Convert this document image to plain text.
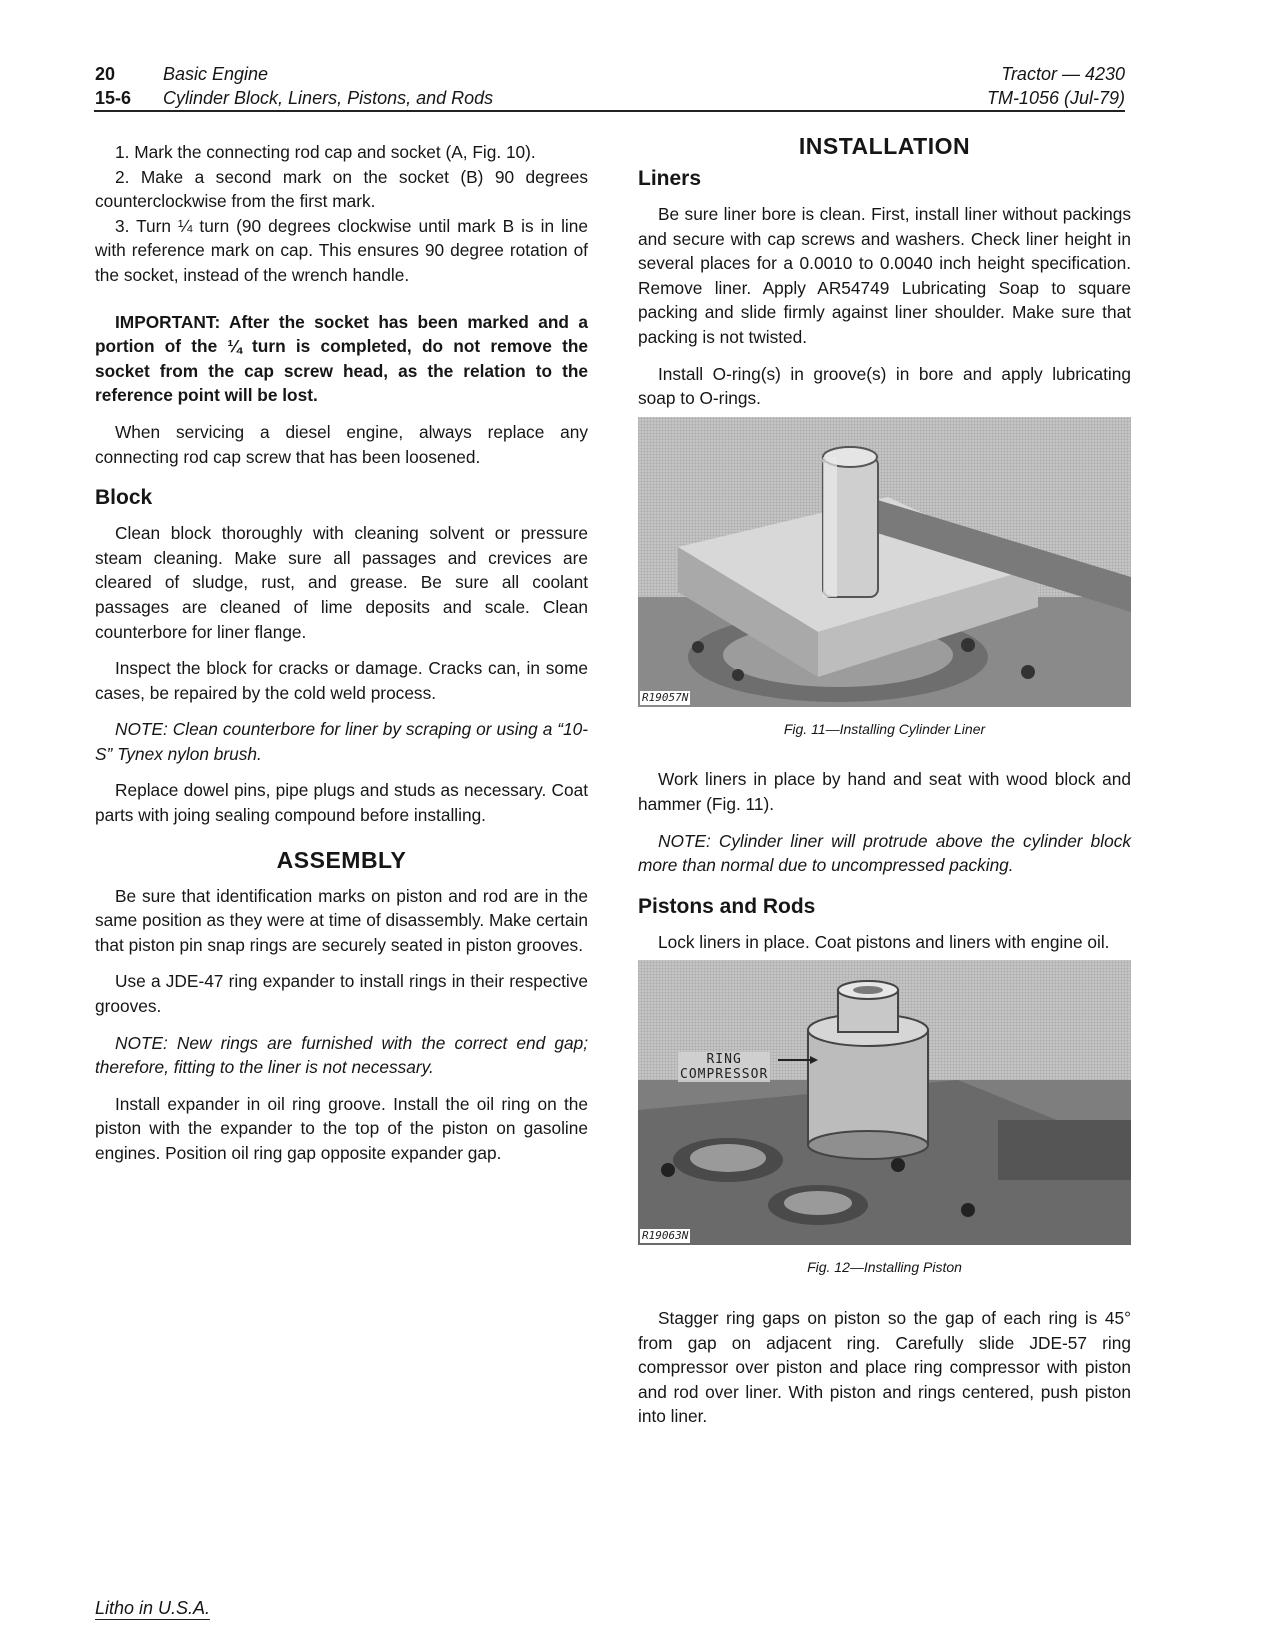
20	Basic Engine
15-6 Cylinder Block, Liners, Pistons, and Rods
Tractor — 4230
TM-1056 (Jul-79)

1. Mark the connecting rod cap and socket (A, Fig. 10).

2. Make a second mark on the socket (B) 90 degrees counterclockwise from the first mark.

3. Turn ¼ turn (90 degrees clockwise until mark B is in line with reference mark on cap. This ensures 90 degree rotation of the socket, instead of the wrench handle.

IMPORTANT: After the socket has been marked and a portion of the ¼ turn is completed, do not remove the socket from the cap screw head, as the relation to the reference point will be lost.

When servicing a diesel engine, always replace any connecting rod cap screw that has been loosened.

Block

Clean block thoroughly with cleaning solvent or pressure steam cleaning. Make sure all passages and crevices are cleared of sludge, rust, and grease. Be sure all coolant passages are cleaned of lime deposits and scale. Clean counterbore for liner flange.

Inspect the block for cracks or damage. Cracks can, in some cases, be repaired by the cold weld process.

NOTE: Clean counterbore for liner by scraping or using a “10-S” Tynex nylon brush.

Replace dowel pins, pipe plugs and studs as necessary. Coat parts with joing sealing compound before installing.

ASSEMBLY

Be sure that identification marks on piston and rod are in the same position as they were at time of disassembly. Make certain that piston pin snap rings are securely seated in piston grooves.

Use a JDE-47 ring expander to install rings in their respective grooves.

NOTE: New rings are furnished with the correct end gap; therefore, fitting to the liner is not necessary.

Install expander in oil ring groove. Install the oil ring on the piston with the expander to the top of the piston on gasoline engines. Position oil ring gap opposite expander gap.

INSTALLATION
Liners

Be sure liner bore is clean. First, install liner without packings and secure with cap screws and washers. Check liner height in several places for a 0.0010 to 0.0040 inch height specification. Remove liner. Apply AR54749 Lubricating Soap to square packing and slide firmly against liner shoulder. Make sure that packing is not twisted.

Install O-ring(s) in groove(s) in bore and apply lubricating soap to O-rings.

R19057N
Fig. 11—Installing Cylinder Liner

Work liners in place by hand and seat with wood block and hammer (Fig. 11).

NOTE: Cylinder liner will protrude above the cylinder block more than normal due to uncompressed packing.

Pistons and Rods

Lock liners in place. Coat pistons and liners with engine oil.

RING
COMPRESSOR
R19063N
Fig. 12—Installing Piston

Stagger ring gaps on piston so the gap of each ring is 45° from gap on adjacent ring. Carefully slide JDE-57 ring compressor over piston and place ring compressor with piston and rod over liner. With piston and rings centered, push piston into liner.

Litho in U.S.A.
